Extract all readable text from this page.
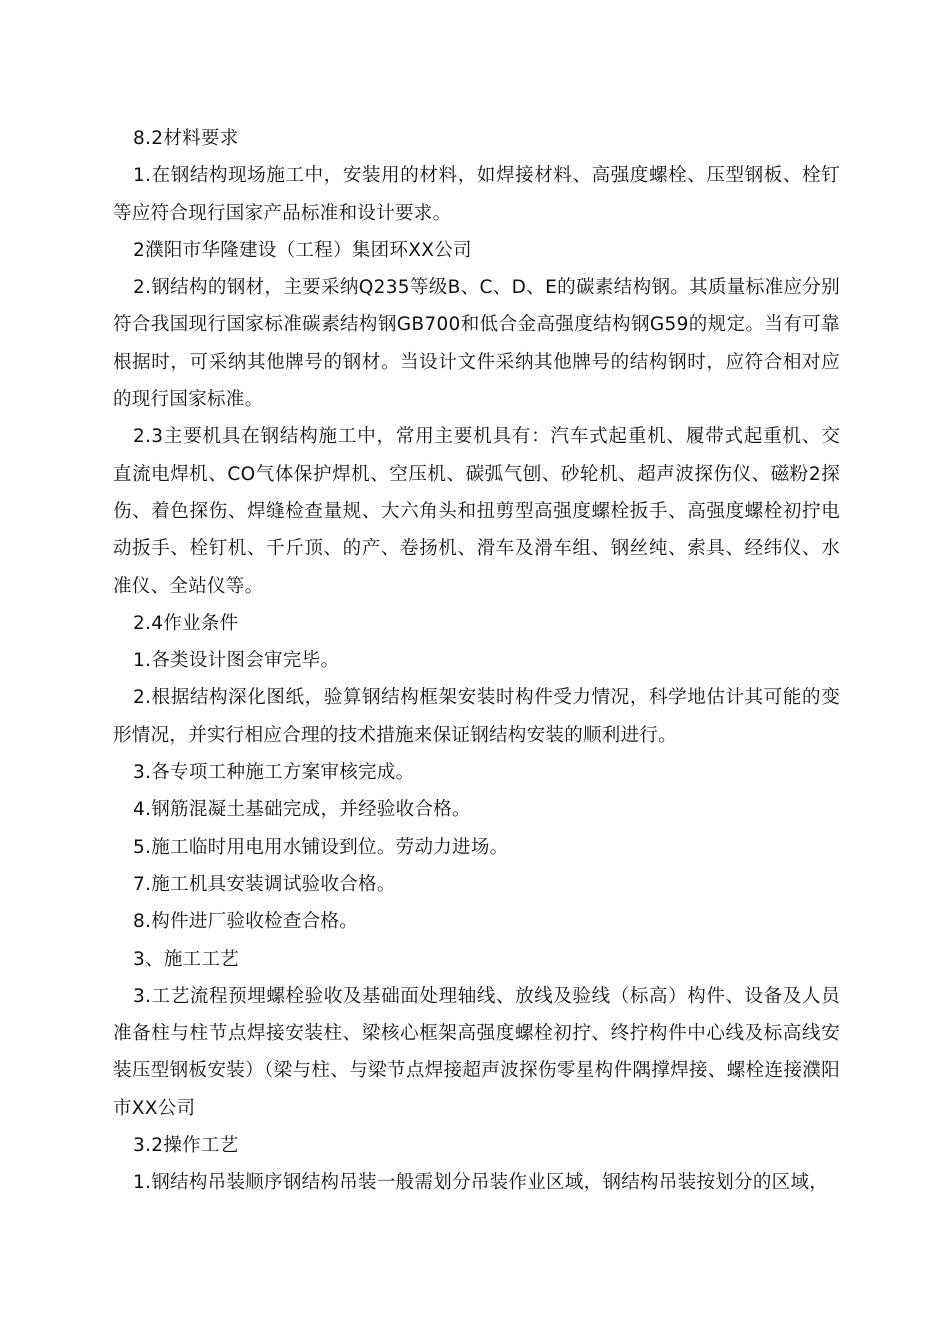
8.2材料要求

1.在钢结构现场施工中，安装用的材料，如焊接材料、高强度螺栓、压型钢板、栓钉等应符合现行国家产品标准和设计要求。

2濮阳市华隆建设（工程）集团环XX公司

2.钢结构的钢材，主要采纳Q235等级B、C、D、E的碳素结构钢。其质量标准应分别符合我国现行国家标准碳素结构钢GB700和低合金高强度结构钢G59的规定。当有可靠根据时，可采纳其他牌号的钢材。当设计文件采纳其他牌号的结构钢时，应符合相对应的现行国家标准。

2.3主要机具在钢结构施工中，常用主要机具有：汽车式起重机、履带式起重机、交直流电焊机、CO气体保护焊机、空压机、碳弧气刨、砂轮机、超声波探伤仪、磁粉2探伤、着色探伤、焊缝检查量规、大六角头和扭剪型高强度螺栓扳手、高强度螺栓初拧电动扳手、栓钉机、千斤顶、的产、卷扬机、滑车及滑车组、钢丝纯、索具、经纬仪、水准仪、全站仪等。

2.4作业条件

1.各类设计图会审完毕。

2.根据结构深化图纸，验算钢结构框架安装时构件受力情况，科学地估计其可能的变形情况，并实行相应合理的技术措施来保证钢结构安装的顺利进行。

3.各专项工种施工方案审核完成。

4.钢筋混凝土基础完成，并经验收合格。

5.施工临时用电用水铺设到位。劳动力进场。

7.施工机具安装调试验收合格。

8.构件进厂验收检查合格。

3、施工工艺

3.工艺流程预埋螺栓验收及基础面处理轴线、放线及验线（标高）构件、设备及人员准备柱与柱节点焊接安装柱、梁核心框架高强度螺栓初拧、终拧构件中心线及标高线安装压型钢板安装）（梁与柱、与梁节点焊接超声波探伤零星构件隅撑焊接、螺栓连接濮阳市XX公司

3.2操作工艺

1.钢结构吊装顺序钢结构吊装一般需划分吊装作业区域，钢结构吊装按划分的区域，
